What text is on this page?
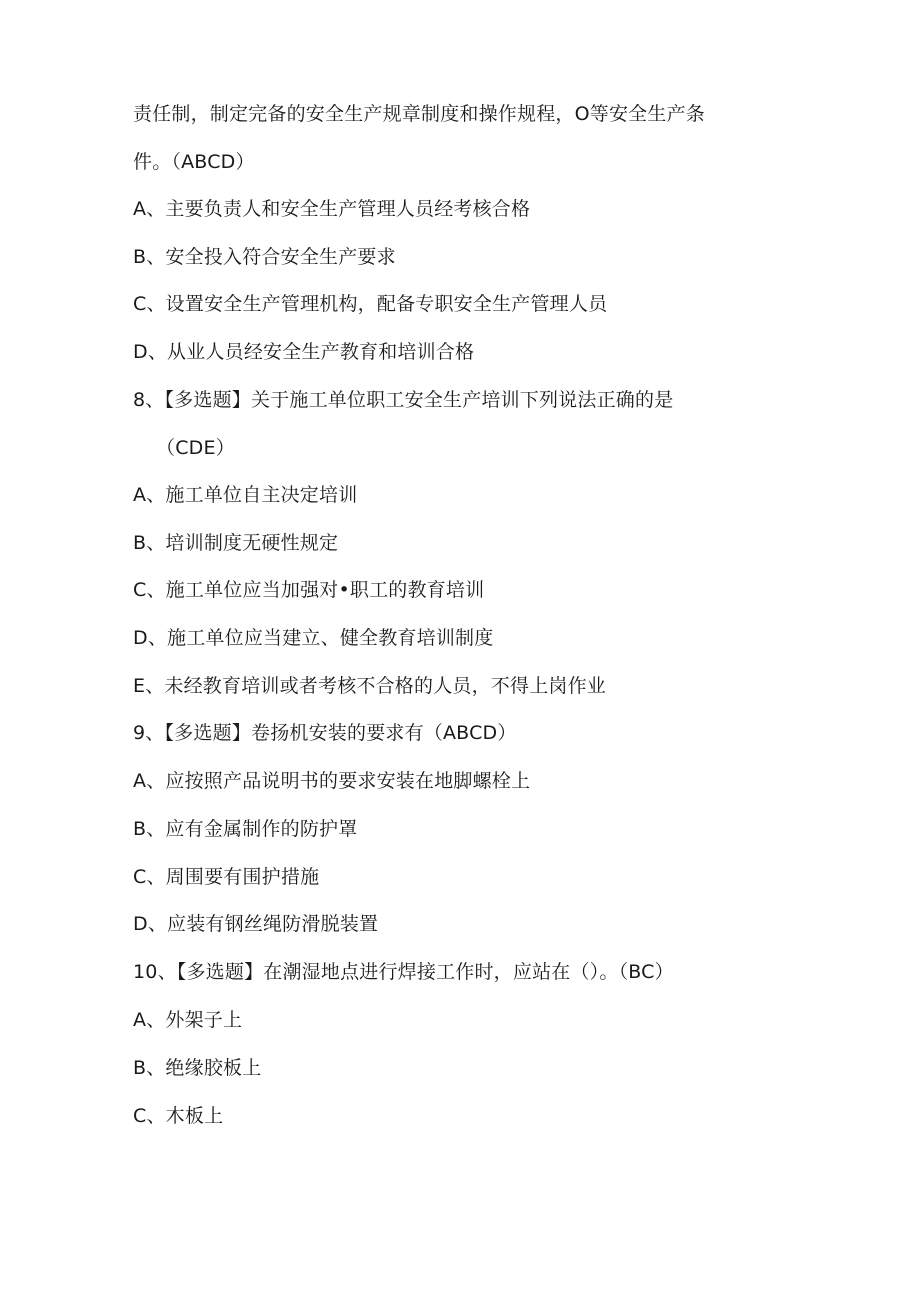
责任制，制定完备的安全生产规章制度和操作规程，O等安全生产条
件。（ABCD）
A、主要负责人和安全生产管理人员经考核合格
B、安全投入符合安全生产要求
C、设置安全生产管理机构，配备专职安全生产管理人员
D、从业人员经安全生产教育和培训合格
8、【多选题】关于施工单位职工安全生产培训下列说法正确的是
（CDE）
A、施工单位自主决定培训
B、培训制度无硬性规定
C、施工单位应当加强对•职工的教育培训
D、施工单位应当建立、健全教育培训制度
E、未经教育培训或者考核不合格的人员，不得上岗作业
9、【多选题】卷扬机安装的要求有（ABCD）
A、应按照产品说明书的要求安装在地脚螺栓上
B、应有金属制作的防护罩
C、周围要有围护措施
D、应装有钢丝绳防滑脱装置
10、【多选题】在潮湿地点进行焊接工作时，应站在（）。（BC）
A、外架子上
B、绝缘胶板上
C、木板上
